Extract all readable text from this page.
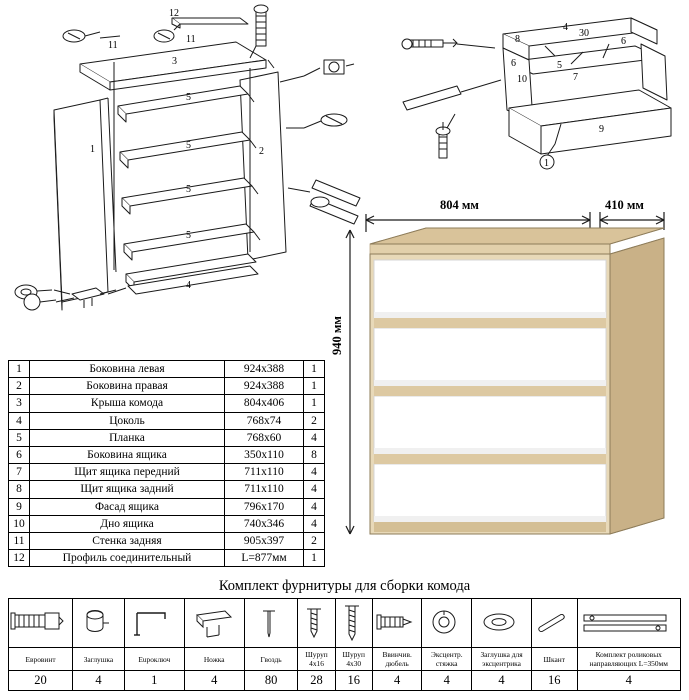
12
11
11
3
5
5
5
5
1	2
4
8
4
30
6
6
10	7
5
9
1
1	Боковина левая	924х388	1
2	Боковина правая	924х388	1
3	Крыша комода	804х406	1
4	Цоколь	768х74	2
5	Планка	768х60	4
6	Боковина ящика	350х110	8
7	Щит ящика передний	711х110	4
8	Щит ящика задний	711х110	4
9	Фасад ящика	796х170	4
10	Дно ящика	740х346	4
11	Стенка задняя	905х397	2
12	Профиль соединительный	L=877мм	1
804 мм	410 мм
940 мм
Комплект фурнитуры для сборки комода

Еврoвинт	Заглушка	Euроключ	Ножка	Гвоздь	Шуруп 4х16	Шуруп 4х30	Ввинчив. дюбель	Эксцентр. стяжка	Заглушка для эксцентрика	Шкант	Комплект роликовых направляющих L=350мм
20	4	1	4	80	28	16	4	4	4	16	4
